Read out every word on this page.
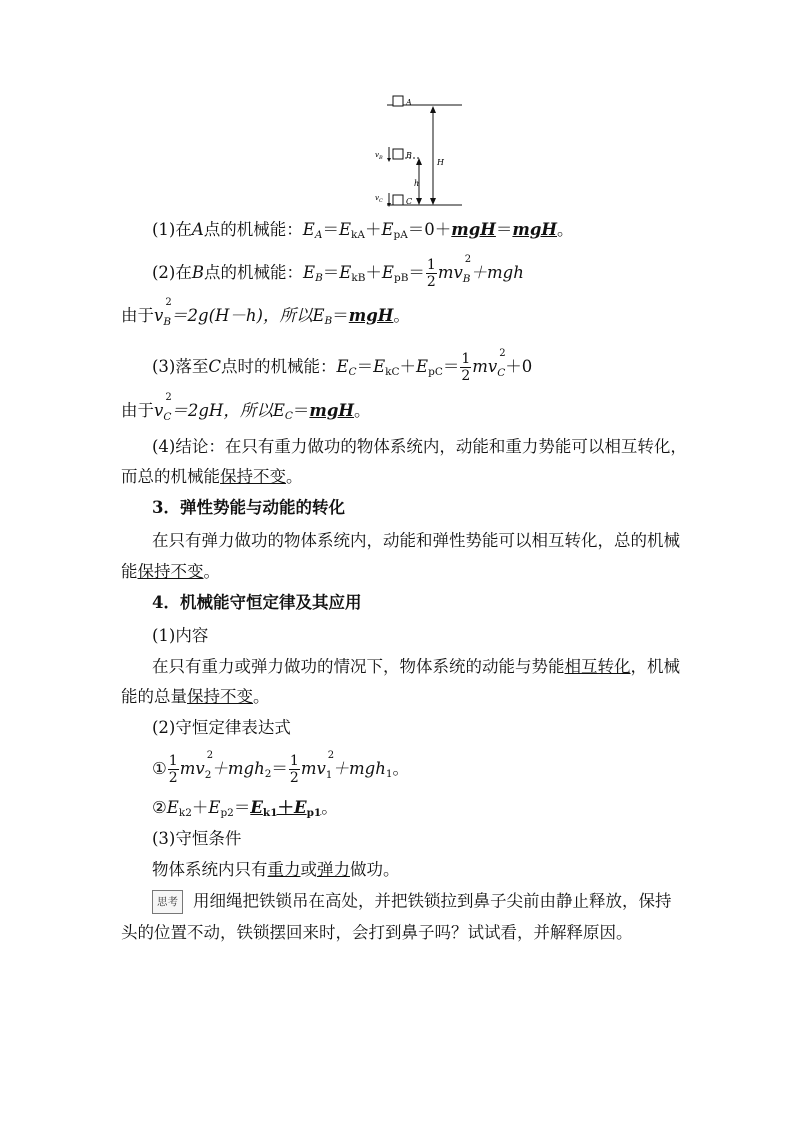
A
B
C
H
h
$v_B$
$v_C$
(1)在A点的机械能：$E_A=E_{kA}+E_{pA}=0+mgH=mgH$。
(2)在B点的机械能：$E_B=E_{kB}+E_{pB}= \frac{1}{2}$ mv
2
$_B$＋mgh
由于v
2
$_B$＝2g(H－h)，所以$E_B=mgH$。
(3)落至C点时的机械能：$E_C=E_{kC}+E_{pC}= \frac{1}{2}$ mv
2
$_C$＋0
由于v
2
$_C$＝2gH，所以$E_C=mgH$。
(4)结论：在只有重力做功的物体系统内，动能和重力势能可以相互转化，
而总的机械能保持不变。
3．弹性势能与动能的转化
在只有弹力做功的物体系统内，动能和弹性势能可以相互转化，总的机械
能保持不变。
4．机械能守恒定律及其应用
(1)内容
在只有重力或弹力做功的情况下，物体系统的动能与势能相互转化，机械
能的总量保持不变。
(2)守恒定律表达式
① $\frac{1}{2}$ mv
2
$_2+mgh_2= \frac{1}{2}$ mv
2
$_1$＋mgh$_1$。
$②E_{k2}+E_{p2}=E_{k1}+E_{p1}$。
(3)守恒条件
物体系统内只有重力或弹力做功。
思考 用细绳把铁锁吊在高处，并把铁锁拉到鼻子尖前由静止释放，保持
头的位置不动，铁锁摆回来时，会打到鼻子吗？试试看，并解释原因。
